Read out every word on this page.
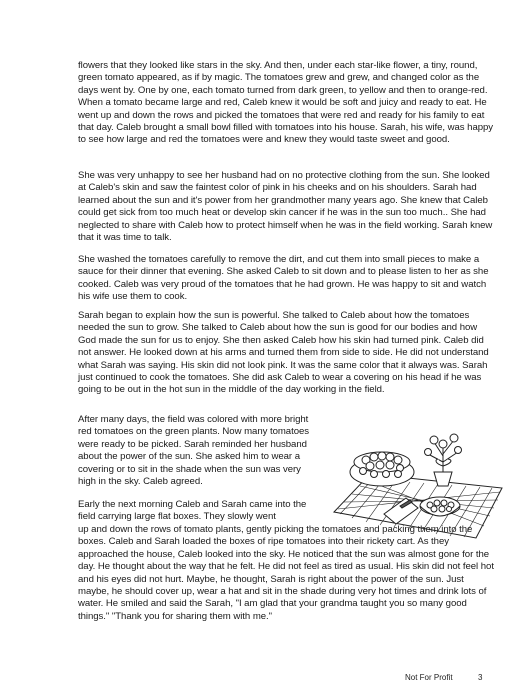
flowers that they looked like stars in the sky. And then, under each star-like flower, a tiny, round, green tomato appeared, as if by magic. The tomatoes grew and grew, and changed color as the days went by. One by one, each tomato turned from dark green, to yellow and then to orange-red. When a tomato became large and red, Caleb knew it would be soft and juicy and ready to eat. He went up and down the rows and picked the tomatoes that were red and ready for his family to eat that day. Caleb brought a small bowl filled with tomatoes into his house. Sarah, his wife, was happy to see how large and red the tomatoes were and knew they would taste sweet and good.

She was very unhappy to see her husband had on no protective clothing from the sun. She looked at Caleb's skin and saw the faintest color of pink in his cheeks and on his shoulders. Sarah had learned about the sun and it's power from her grandmother many years ago. She knew that Caleb could get sick from too much heat or develop skin cancer if he was in the sun too much.. She had neglected to share with Caleb how to protect himself when he was in the field working. Sarah knew that it was time to talk.

She washed the tomatoes carefully to remove the dirt, and cut them into small pieces to make a sauce for their dinner that evening. She asked Caleb to sit down and to please listen to her as she cooked. Caleb was very proud of the tomatoes that he had grown. He was happy to sit and watch his wife use them to cook.

Sarah began to explain how the sun is powerful. She talked to Caleb about how the tomatoes needed the sun to grow. She talked to Caleb about how the sun is good for our bodies and how God made the sun for us to enjoy. She then asked Caleb how his skin had turned pink. Caleb did not answer. He looked down at his arms and turned them from side to side. He did not understand what Sarah was saying. His skin did not look pink. It was the same color that it always was. Sarah just continued to cook the tomatoes. She did ask Caleb to wear a covering on his head if he was going to be out in the hot sun in the middle of the day working in the field.

After many days, the field was colored with more bright red tomatoes on the green plants. Now many tomatoes were ready to be picked. Sarah reminded her husband about the power of the sun. She asked him to wear a covering or to sit in the shade when the sun was very high in the sky. Caleb agreed.

Early the next morning Caleb and Sarah came into the field carrying large flat boxes. They slowly went

up and down the rows of tomato plants, gently picking the tomatoes and packing them into the boxes. Caleb and Sarah loaded the boxes of ripe tomatoes into their rickety cart. As they approached the house, Caleb looked into the sky. He noticed that the sun was almost gone for the day. He thought about the way that he felt. He did not feel as tired as usual. His skin did not feel hot and his eyes did not hurt. Maybe, he thought, Sarah is right about the power of the sun. Just maybe, he should cover up, wear a hat and sit in the shade during very hot times and drink lots of water. He smiled and said the Sarah, "I am glad that your grandma taught you so many good things." "Thank you for sharing them with me."

Not For Profit	3
